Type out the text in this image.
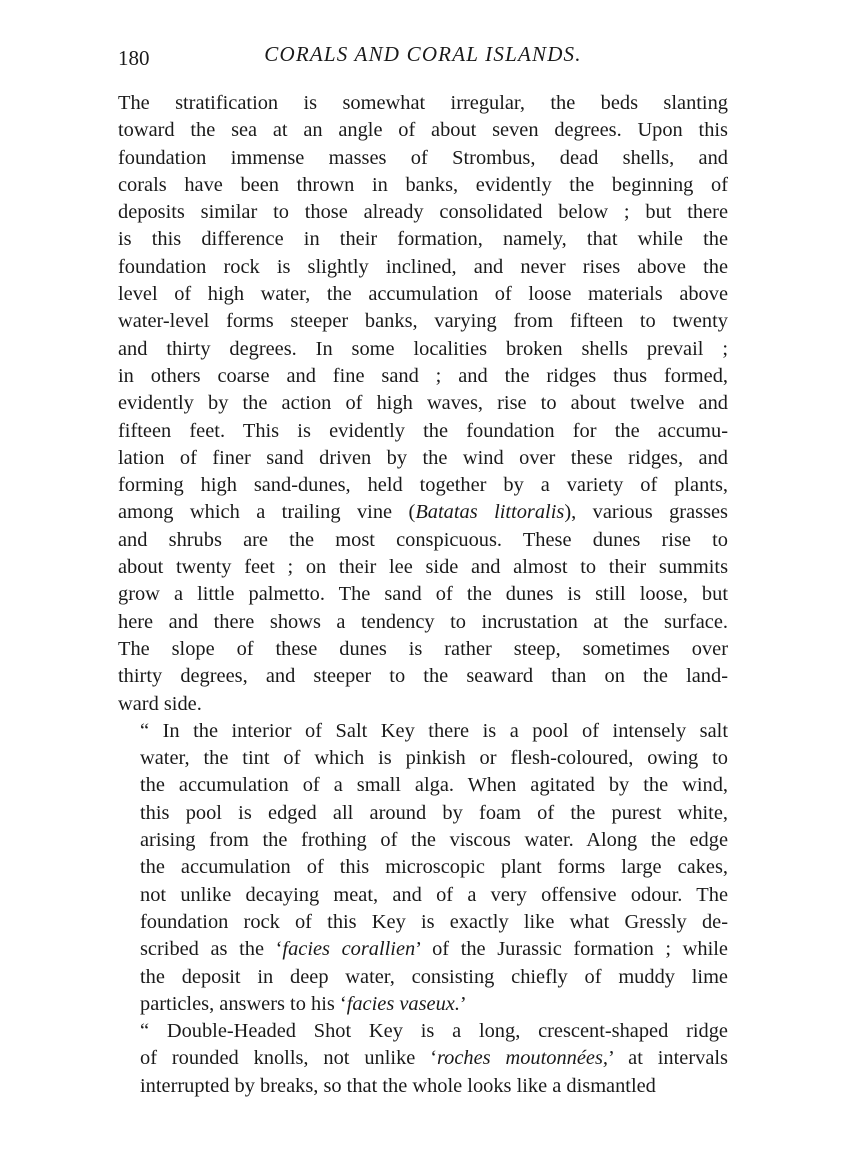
180	CORALS AND CORAL ISLANDS.

The stratification is somewhat irregular, the beds slanting
toward the sea at an angle of about seven degrees. Upon this
foundation immense masses of Strombus, dead shells, and
corals have been thrown in banks, evidently the beginning of
deposits similar to those already consolidated below ; but there
is this difference in their formation, namely, that while the
foundation rock is slightly inclined, and never rises above the
level of high water, the accumulation of loose materials above
water-level forms steeper banks, varying from fifteen to twenty
and thirty degrees. In some localities broken shells prevail ;
in others coarse and fine sand ; and the ridges thus formed,
evidently by the action of high waves, rise to about twelve and
fifteen feet. This is evidently the foundation for the accumu-
lation of finer sand driven by the wind over these ridges, and
forming high sand-dunes, held together by a variety of plants,
among which a trailing vine (Batatas littoralis), various grasses
and shrubs are the most conspicuous. These dunes rise to
about twenty feet ; on their lee side and almost to their summits
grow a little palmetto. The sand of the dunes is still loose, but
here and there shows a tendency to incrustation at the surface.
The slope of these dunes is rather steep, sometimes over
thirty degrees, and steeper to the seaward than on the land-
ward side.

“ In the interior of Salt Key there is a pool of intensely salt
water, the tint of which is pinkish or flesh-coloured, owing to
the accumulation of a small alga. When agitated by the wind,
this pool is edged all around by foam of the purest white,
arising from the frothing of the viscous water. Along the edge
the accumulation of this microscopic plant forms large cakes,
not unlike decaying meat, and of a very offensive odour. The
foundation rock of this Key is exactly like what Gressly de-
scribed as the ‘facies corallien’ of the Jurassic formation ; while
the deposit in deep water, consisting chiefly of muddy lime
particles, answers to his ‘facies vaseux.’

“ Double-Headed Shot Key is a long, crescent-shaped ridge
of rounded knolls, not unlike ‘roches moutonnées,’ at intervals
interrupted by breaks, so that the whole looks like a dismantled
